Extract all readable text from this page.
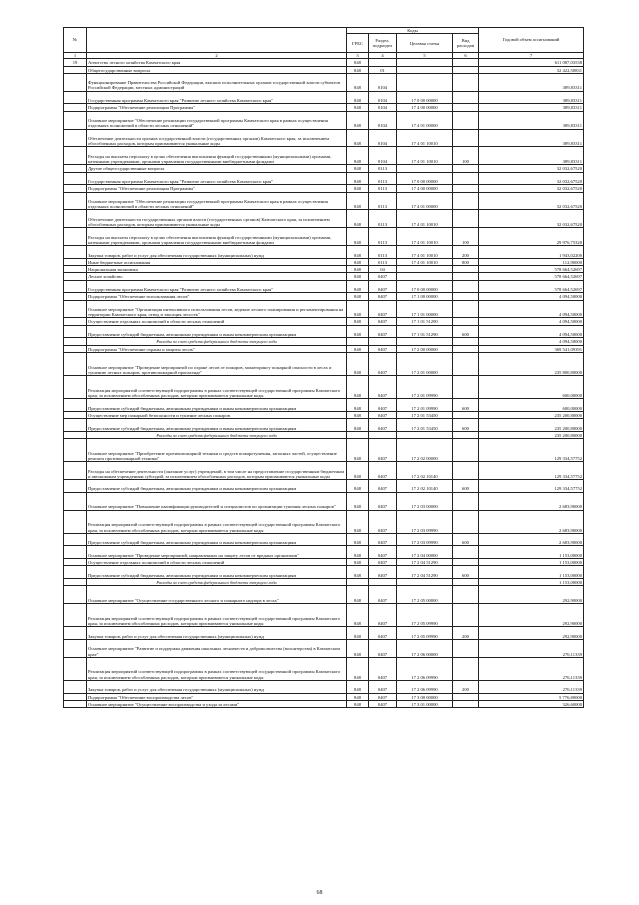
№		Коды				Годовой объем ассигнований
		ГРБС	Раздел, подраздел	Целевая статья	Вид расходов	
1	2	3	4	5	6	7
19	Агентство лесного хозяйства Камчатского края	848				611 087,03538
	Общегосударственные вопросы	848	01			32 422,50831
	Функционирование Правительства Российской Федерации, высших исполнительных органов государственной власти субъектов Российской Федерации, местных администраций	848	0104			389,83311
	Государственная программа Камчатского края "Развитие лесного хозяйства Камчатского края"	848	0104	17 0 00 00000		389,83311
	Подпрограмма "Обеспечение реализации Программы"	848	0104	17 4 00 00000		389,83311
	Основное мероприятие "Обеспечение реализации государственной программы Камчатского края в рамках осуществления отдельных полномочий в области лесных отношений"	848	0104	17 4 01 00000		389,83311
	Обеспечение деятельности органов государственной власти (государственных органов) Камчатского края, за исключением обособленных расходов, которым присваиваются уникальные коды	848	0104	17 4 01 10010		389,83311
	Расходы на выплаты персоналу в целях обеспечения выполнения функций государственными (муниципальными) органами, казенными учреждениями, органами управления государственными внебюджетными фондами	848	0104	17 4 01 10010	100	389,83311
	Другие общегосударственные вопросы	848	0113			32 032,67520
	Государственная программа Камчатского края "Развитие лесного хозяйства Камчатского края"	848	0113	17 0 00 00000		32 032,67520
	Подпрограмма "Обеспечение реализации Программы"	848	0113	17 4 00 00000		32 032,67520
	Основное мероприятие "Обеспечение реализации государственной программы Камчатского края в рамках осуществления отдельных полномочий в области лесных отношений"	848	0113	17 4 01 00000		32 032,67520
	Обеспечение деятельности государственных органов власти (государственных органов) Камчатского края, за исключением обособленных расходов, которым присваиваются уникальные коды	848	0113	17 4 01 10010		32 032,67520
	Расходы на выплаты персоналу в целях обеспечения выполнения функций государственными (муниципальными) органами, казенными учреждениями, органами управления государственными внебюджетными фондами	848	0113	17 4 01 10010	100	29 976,75320
	Закупка товаров, работ и услуг для обеспечения государственных (муниципальных) нужд	848	0113	17 4 01 10010	200	1 943,02200
	Иные бюджетные ассигнования	848	0113	17 4 01 10010	800	112,90000
	Национальная экономика	848	04			578 664,52697
	Лесное хозяйство	848	0407			578 664,52697
	Государственная программа Камчатского края "Развитие лесного хозяйства Камчатского края"	848	0407	17 0 00 00000		578 664,52697
	Подпрограмма "Обеспечение использования лесов"	848	0407	17 1 00 00000		4 094,50000
	Основное мероприятие "Организация интенсивного использования лесов, ведение лесного планирования и регламентирования на территории Камчатского края, отвод и таксация лесосек"	848	0407	17 1 01 00000		4 094,50000
	Осуществление отдельных полномочий в области лесных отношений	848	0407	17 1 01 51290		4 094,50000
	Предоставление субсидий бюджетным, автономным учреждениям и иным некоммерческим организациям	848	0407	17 1 01 51290	600	4 094,50000
	Расходы за счет средств федерального бюджета текущего года					4 094,50000
	Подпрограмма "Обеспечение охраны и защиты лесов"	848	0407	17 2 00 00000		369 541,09391
	Основное мероприятие "Проведение мероприятий по охране лесов от пожаров, мониторингу пожарной опасности в лесах и тушению лесных пожаров, противопожарной пропаганде"	848	0407	17 2 01 00000		235 800,80000
	Реализация мероприятий соответствующей подпрограммы в рамках соответствующей государственной программы Камчатского края, за исключением обособленных расходов, которым присваиваются уникальные коды	848	0407	17 2 01 09990		600,00000
	Предоставление субсидий бюджетным, автономным учреждениям и иным некоммерческим организациям	848	0407	17 2 01 09990	600	600,00000
	Осуществление мер пожарной безопасности и тушение лесных пожаров	848	0407	17 2 01 53450		235 200,80000
	Предоставление субсидий бюджетным, автономным учреждениям и иным некоммерческим организациям	848	0407	17 2 01 53450	600	235 200,80000
	Расходы за счет средств федерального бюджета текущего года					235 200,80000
	Основное мероприятие "Приобретение противопожарной техники и средств пожаротушения, запасных частей, осуществление ремонта противопожарной техники"	848	0407	17 2 02 00000		129 334,57752
	Расходы на обеспечение деятельности (оказание услуг) учреждений, в том числе на предоставление государственным бюджетным и автономным учреждениям субсидий, за исключением обособленных расходов, которым присваиваются уникальные коды	848	0407	17 2 02 10140		129 334,57752
	Предоставление субсидий бюджетным, автономным учреждениям и иным некоммерческим организациям	848	0407	17 2 02 10140	600	129 334,57752
	Основное мероприятие "Повышение квалификации руководителей и специалистов по организации тушения лесных пожаров"	848	0407	17 2 03 00000		2 683,90000
	Реализация мероприятий соответствующей подпрограммы в рамках соответствующей государственной программы Камчатского края, за исключением обособленных расходов, которым присваиваются уникальные коды	848	0407	17 2 03 09990		2 683,90000
	Предоставление субсидий бюджетным, автономным учреждениям и иным некоммерческим организациям	848	0407	17 2 03 09990	600	2 683,90000
	Основное мероприятие "Проведение мероприятий, направленных на защиту лесов от вредных организмов"	848	0407	17 2 04 00000		1 153,00000
	Осуществление отдельных полномочий в области лесных отношений	848	0407	17 2 04 51290		1 153,00000
	Предоставление субсидий бюджетным, автономным учреждениям и иным некоммерческим организациям	848	0407	17 2 04 51290	600	1 153,00000
	Расходы за счет средств федерального бюджета текущего года					1 153,00000
	Основное мероприятие "Осуществление государственного лесного и пожарного надзора в лесах"	848	0407	17 2 05 00000		292,90000
	Реализация мероприятий соответствующей подпрограммы в рамках соответствующей государственной программы Камчатского края, за исключением обособленных расходов, которым присваиваются уникальные коды	848	0407	17 2 05 09990		292,90000
	Закупка товаров, работ и услуг для обеспечения государственных (муниципальных) нужд	848	0407	17 2 05 09990	200	292,90000
	Основное мероприятие "Развитие и поддержка движения школьных лесничеств и добровольчества (волонтерства) в Камчатском крае"	848	0407	17 2 06 00000		276,11339
	Реализация мероприятий соответствующей подпрограммы в рамках соответствующей государственной программы Камчатского края, за исключением обособленных расходов, которым присваиваются уникальные коды	848	0407	17 2 06 09990		276,11339
	Закупка товаров, работ и услуг для обеспечения государственных (муниципальных) нужд	848	0407	17 2 06 09990	200	276,11339
	Подпрограмма "Обеспечение воспроизводства лесов"	848	0407	17 3 00 00000		5 776,80000
	Основное мероприятие "Осуществление воспроизводства и ухода за лесами"	848	0407	17 3 01 00000		326,60000
68
